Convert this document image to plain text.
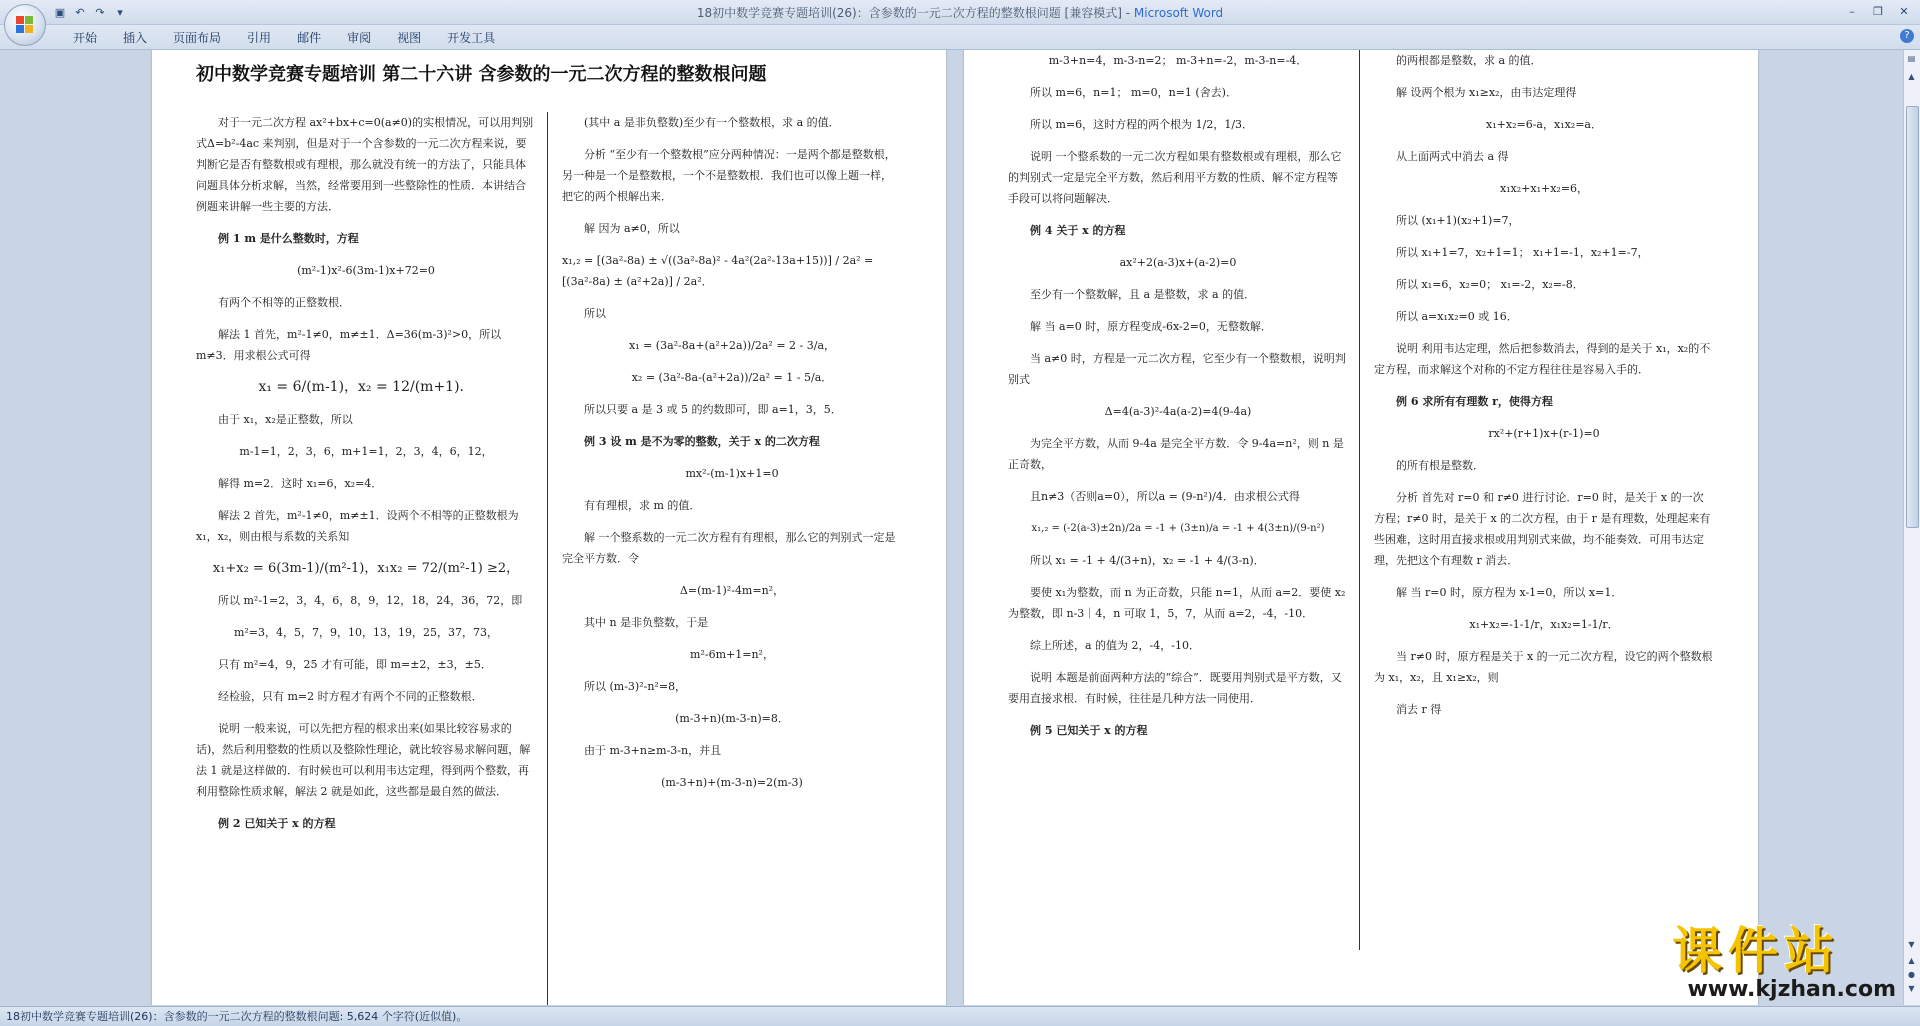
18初中数学竞赛专题培训(26)：含参数的一元二次方程的整数根问题 [兼容模式] - Microsoft Word
▣ ↶ ↷	▾	–	❐	✕
开始	插入	页面布局	引用	邮件	审阅	视图	开发工具	?
初中数学竞赛专题培训 第二十六讲 含参数的一元二次方程的整数根问题

对于一元二次方程 ax²+bx+c=0(a≠0)的实根情况，可以用判别式Δ=b²-4ac 来判别，但是对于一个含参数的一元二次方程来说，要判断它是否有整数根或有理根，那么就没有统一的方法了，只能具体问题具体分析求解，当然，经常要用到一些整除性的性质．本讲结合例题来讲解一些主要的方法．

例 1 m 是什么整数时，方程

(m²-1)x²-6(3m-1)x+72=0

有两个不相等的正整数根．

解法 1 首先，m²-1≠0，m≠±1．Δ=36(m-3)²>0，所以 m≠3．用求根公式可得

x₁ = 6/(m-1)，x₂ = 12/(m+1)．

由于 x₁，x₂是正整数，所以

m-1=1，2，3，6，m+1=1，2，3，4，6，12，

解得 m=2．这时 x₁=6，x₂=4．

解法 2 首先，m²-1≠0，m≠±1．设两个不相等的正整数根为 x₁，x₂，则由根与系数的关系知

x₁+x₂ = 6(3m-1)/(m²-1)，x₁x₂ = 72/(m²-1) ≥2，

所以 m²-1=2，3，4，6，8，9，12，18，24，36，72，即

m²=3，4，5，7，9，10，13，19，25，37，73，

只有 m²=4，9，25 才有可能，即 m=±2，±3，±5．

经检验，只有 m=2 时方程才有两个不同的正整数根．

说明 一般来说，可以先把方程的根求出来(如果比较容易求的话)，然后利用整数的性质以及整除性理论，就比较容易求解问题，解法 1 就是这样做的．有时候也可以利用韦达定理，得到两个整数，再利用整除性质求解，解法 2 就是如此，这些都是最自然的做法．

例 2 已知关于 x 的方程

(其中 a 是非负整数)至少有一个整数根，求 a 的值．

分析 “至少有一个整数根”应分两种情况：一是两个都是整数根，另一种是一个是整数根，一个不是整数根．我们也可以像上题一样，把它的两个根解出来．

解 因为 a≠0，所以

x₁,₂ = [(3a²-8a) ± √((3a²-8a)² - 4a²(2a²-13a+15))] / 2a² = [(3a²-8a) ± (a²+2a)] / 2a²．

所以

x₁ = (3a²-8a+(a²+2a))/2a² = 2 - 3/a，

x₂ = (3a²-8a-(a²+2a))/2a² = 1 - 5/a．

所以只要 a 是 3 或 5 的约数即可，即 a=1，3，5．

例 3 设 m 是不为零的整数，关于 x 的二次方程

mx²-(m-1)x+1=0

有有理根，求 m 的值．

解 一个整系数的一元二次方程有有理根，那么它的判别式一定是完全平方数．令

Δ=(m-1)²-4m=n²，

其中 n 是非负整数，于是

m²-6m+1=n²，

所以 (m-3)²-n²=8，

(m-3+n)(m-3-n)=8．

由于 m-3+n≥m-3-n，并且

(m-3+n)+(m-3-n)=2(m-3)

m-3+n=4，m-3-n=2； m-3+n=-2，m-3-n=-4．

所以 m=6，n=1； m=0，n=1 (舍去)．

所以 m=6，这时方程的两个根为 1/2，1/3．

说明 一个整系数的一元二次方程如果有整数根或有理根，那么它的判别式一定是完全平方数，然后利用平方数的性质、解不定方程等手段可以将问题解决．

例 4 关于 x 的方程

ax²+2(a-3)x+(a-2)=0

至少有一个整数解，且 a 是整数，求 a 的值．

解 当 a=0 时，原方程变成-6x-2=0，无整数解．

当 a≠0 时，方程是一元二次方程，它至少有一个整数根，说明判别式

Δ=4(a-3)²-4a(a-2)=4(9-4a)

为完全平方数，从而 9-4a 是完全平方数．令 9-4a=n²，则 n 是正奇数，

且n≠3（否则a=0），所以a = (9-n²)/4．由求根公式得

x₁,₂ = (-2(a-3)±2n)/2a = -1 + (3±n)/a = -1 + 4(3±n)/(9-n²)

所以 x₁ = -1 + 4/(3+n)，x₂ = -1 + 4/(3-n)．

要使 x₁为整数，而 n 为正奇数，只能 n=1，从而 a=2．要使 x₂为整数，即 n-3｜4，n 可取 1，5，7，从而 a=2，-4，-10．

综上所述，a 的值为 2，-4，-10．

说明 本题是前面两种方法的“综合”．既要用判别式是平方数，又要用直接求根．有时候，往往是几种方法一同使用．

例 5 已知关于 x 的方程

的两根都是整数，求 a 的值．

解 设两个根为 x₁≥x₂，由韦达定理得

x₁+x₂=6-a，x₁x₂=a．

从上面两式中消去 a 得

x₁x₂+x₁+x₂=6，

所以 (x₁+1)(x₂+1)=7，

所以 x₁+1=7，x₂+1=1； x₁+1=-1，x₂+1=-7，

所以 x₁=6，x₂=0； x₁=-2，x₂=-8．

所以 a=x₁x₂=0 或 16．

说明 利用韦达定理，然后把参数消去，得到的是关于 x₁，x₂的不定方程，而求解这个对称的不定方程往往是容易入手的．

例 6 求所有有理数 r，使得方程

rx²+(r+1)x+(r-1)=0

的所有根是整数．

分析 首先对 r=0 和 r≠0 进行讨论．r=0 时，是关于 x 的一次方程；r≠0 时，是关于 x 的二次方程，由于 r 是有理数，处理起来有些困难，这时用直接求根或用判别式来做，均不能奏效．可用韦达定理，先把这个有理数 r 消去．

解 当 r=0 时，原方程为 x-1=0，所以 x=1．

x₁+x₂=-1-1/r，x₁x₂=1-1/r．

当 r≠0 时，原方程是关于 x 的一元二次方程，设它的两个整数根为 x₁，x₂，且 x₁≥x₂，则

消去 r 得

▤
▲
▼
▲
●
▼
18初中数学竞赛专题培训(26)：含参数的一元二次方程的整数根问题: 5,624 个字符(近似值)。
课件站
www.kjzhan.com
